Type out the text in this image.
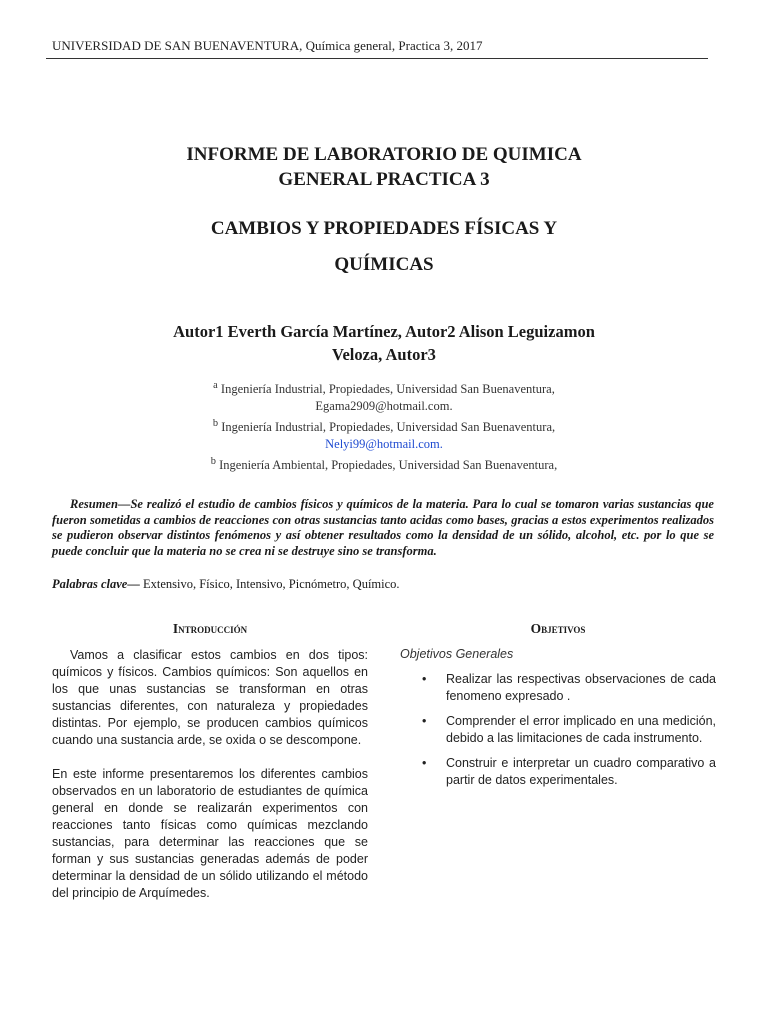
UNIVERSIDAD DE SAN BUENAVENTURA, Química general, Practica 3, 2017
INFORME DE LABORATORIO DE QUIMICA
GENERAL PRACTICA 3
CAMBIOS Y PROPIEDADES FÍSICAS Y
QUÍMICAS
Autor1 Everth García Martínez, Autor2 Alison Leguizamon
Veloza, Autor3
$^a$ Ingeniería Industrial, Propiedades, Universidad San Buenaventura,
Egama2909@hotmail.com.
$^b$ Ingeniería Industrial, Propiedades, Universidad San Buenaventura,
Nelyi99@hotmail.com.
$^b$ Ingeniería Ambiental, Propiedades, Universidad San Buenaventura,
Resumen—Se realizó el estudio de cambios físicos y químicos de la materia. Para lo cual se tomaron varias sustancias que fueron sometidas a cambios de reacciones con otras sustancias tanto acidas como bases, gracias a estos experimentos realizados se pudieron observar distintos fenómenos y así obtener resultados como la densidad de un sólido, alcohol, etc. por lo que se puede concluir que la materia no se crea ni se destruye sino se transforma.
Palabras clave— Extensivo, Físico, Intensivo, Picnómetro, Químico.
Introducción

Vamos a clasificar estos cambios en dos tipos: químicos y físicos. Cambios químicos: Son aquellos en los que unas sustancias se transforman en otras sustancias diferentes, con naturaleza y propiedades distintas. Por ejemplo, se producen cambios químicos cuando una sustancia arde, se oxida o se descompone.

En este informe presentaremos los diferentes cambios observados en un laboratorio de estudiantes de química general en donde se realizarán experimentos con reacciones tanto físicas como químicas mezclando sustancias, para determinar las reacciones que se forman y sus sustancias generadas además de poder determinar la densidad de un sólido utilizando el método del principio de Arquímedes.

Objetivos
Objetivos Generales
• Realizar las respectivas observaciones de cada fenomeno expresado .
• Comprender el error implicado en una medición, debido a las limitaciones de cada instrumento.
• Construir e interpretar un cuadro comparativo a partir de datos experimentales.
